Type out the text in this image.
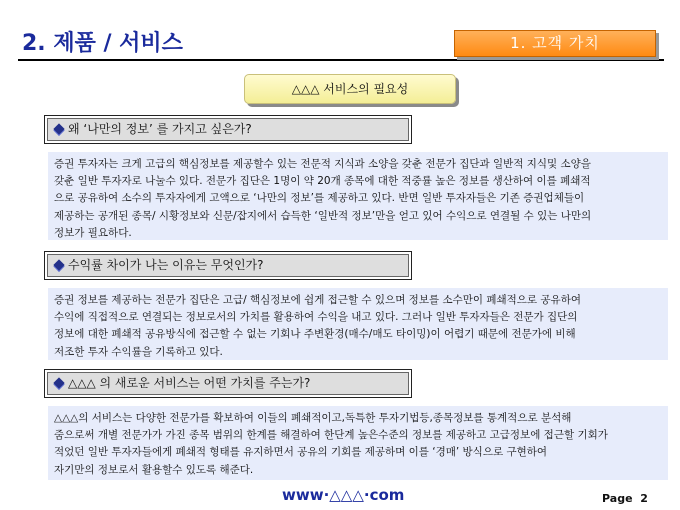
2. 제품 / 서비스	1. 고객 가치
△△△ 서비스의 필요성
왜 ‘나만의 정보’ 를 가지고 싶은가?
증권 투자자는 크게 고급의 핵심정보를 제공할수 있는 전문적 지식과 소양을 갖춘 전문가 집단과 일반적 지식및 소양을
갖춘 일반 투자자로 나눌수 있다. 전문가 집단은 1명이 약 20개 종목에 대한 적중률 높은 정보를 생산하여 이를 폐쇄적
으로 공유하여 소수의 투자자에게 고액으로 ‘나만의 정보’를 제공하고 있다. 반면 일반 투자자들은 기존 증권업체들이
제공하는 공개된 종목/ 시황정보와 신문/잡지에서 습득한 ‘일반적 정보’만을 얻고 있어 수익으로 연결될 수 있는 나만의
정보가 필요하다.
수익률 차이가 나는 이유는 무엇인가?
증권 정보를 제공하는 전문가 집단은 고급/ 핵심정보에 쉽게 접근할 수 있으며 정보를 소수만이 폐쇄적으로 공유하여
수익에 직접적으로 연결되는 정보로서의 가치를 활용하여 수익을 내고 있다. 그러나 일반 투자자들은 전문가 집단의
정보에 대한 폐쇄적 공유방식에 접근할 수 없는 기회나 주변환경(매수/매도 타이밍)이 어렵기 때문에 전문가에 비해
저조한 투자 수익률을 기록하고 있다.
△△△ 의 새로운 서비스는 어떤 가치를 주는가?
△△△의 서비스는 다양한 전문가를 확보하여 이들의 폐쇄적이고,독특한 투자기법등,종목정보를 통계적으로 분석해
줌으로써 개별 전문가가 가진 종목 범위의 한계를 해결하여 한단계 높은수준의 정보를 제공하고 고급정보에 접근할 기회가
적었던 일반 투자자들에게 폐쇄적 형태를 유지하면서 공유의 기회를 제공하며 이를 ‘경매’ 방식으로 구현하여
자기만의 정보로서 활용할수 있도록 해준다.
www·△△△·com	Page 2
